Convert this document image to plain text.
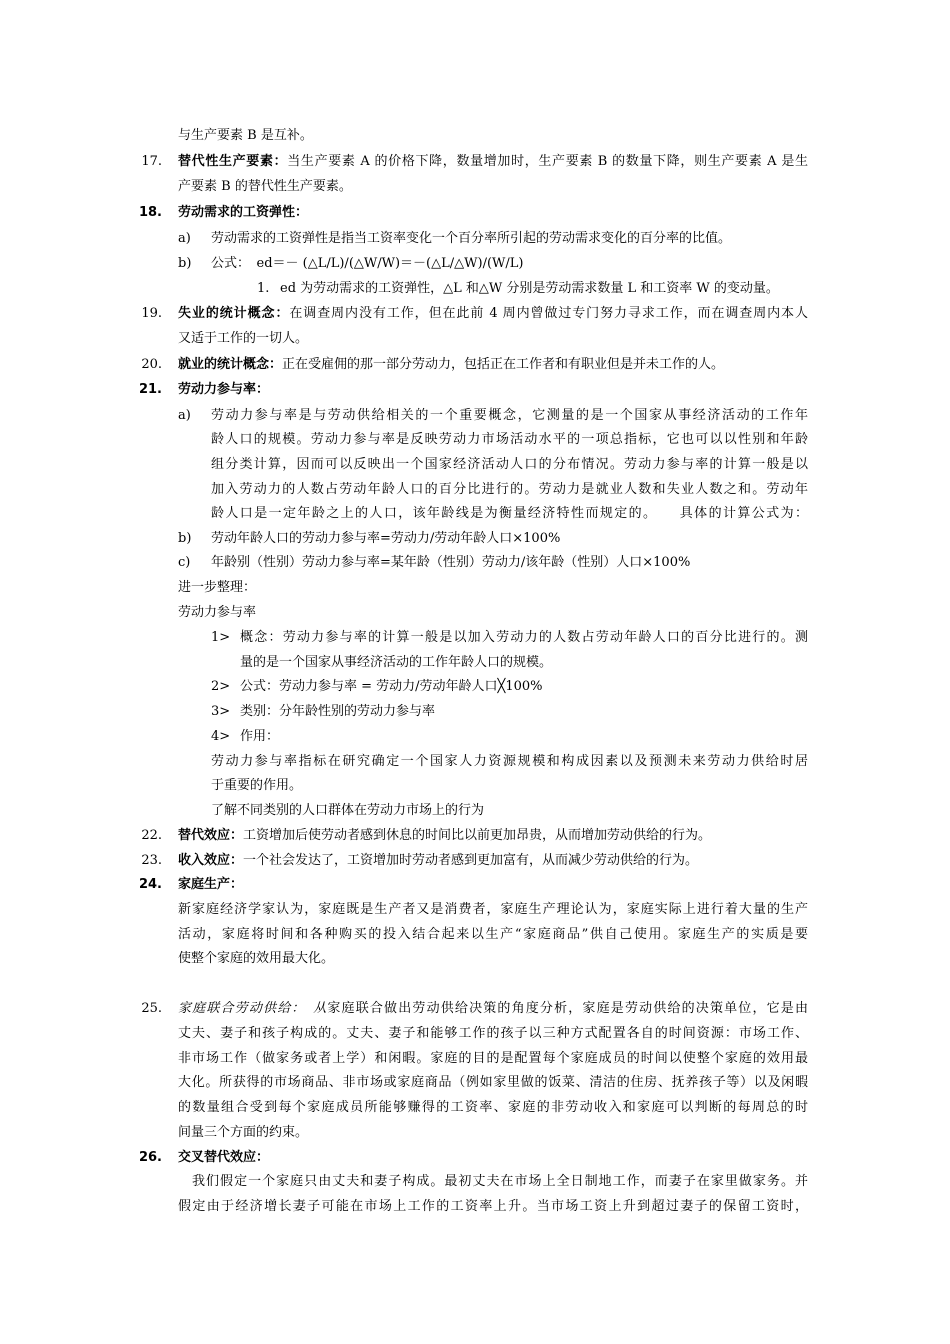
与生产要素 B 是互补。
17. 替代性生产要素：当生产要素 A 的价格下降，数量增加时，生产要素 B 的数量下降，则生产要素 A 是生
产要素 B 的替代性生产要素。
18. 劳动需求的工资弹性：
a) 劳动需求的工资弹性是指当工资率变化一个百分率所引起的劳动需求变化的百分率的比值。
b) 公式：　ed＝－ (△L/L)/(△W/W)＝－(△L/△W)/(W/L)
1. ed 为劳动需求的工资弹性，△L 和△W 分别是劳动需求数量 L 和工资率 W 的变动量。
19. 失业的统计概念：在调查周内没有工作，但在此前 4 周内曾做过专门努力寻求工作，而在调查周内本人
又适于工作的一切人。
20. 就业的统计概念：正在受雇佣的那一部分劳动力，包括正在工作者和有职业但是并未工作的人。
21. 劳动力参与率：
a) 劳动力参与率是与劳动供给相关的一个重要概念，它测量的是一个国家从事经济活动的工作年
龄人口的规模。劳动力参与率是反映劳动力市场活动水平的一项总指标，它也可以以性别和年龄
组分类计算，因而可以反映出一个国家经济活动人口的分布情况。劳动力参与率的计算一般是以
加入劳动力的人数占劳动年龄人口的百分比进行的。劳动力是就业人数和失业人数之和。劳动年
龄人口是一定年龄之上的人口，该年龄线是为衡量经济特性而规定的。　　具体的计算公式为：
b) 劳动年龄人口的劳动力参与率=劳动力/劳动年龄人口×100%
c) 年龄别（性别）劳动力参与率=某年龄（性别）劳动力/该年龄（性别）人口×100%
进一步整理：
劳动力参与率
1> 概念：劳动力参与率的计算一般是以加入劳动力的人数占劳动年龄人口的百分比进行的。测
量的是一个国家从事经济活动的工作年龄人口的规模。
2> 公式：劳动力参与率 = 劳动力/劳动年龄人口╳100%
3> 类别：分年龄性别的劳动力参与率
4> 作用：
劳动力参与率指标在研究确定一个国家人力资源规模和构成因素以及预测未来劳动力供给时居
于重要的作用。
了解不同类别的人口群体在劳动力市场上的行为
22. 替代效应：工资增加后使劳动者感到休息的时间比以前更加昂贵，从而增加劳动供给的行为。
23. 收入效应：一个社会发达了，工资增加时劳动者感到更加富有，从而减少劳动供给的行为。
24. 家庭生产：
新家庭经济学家认为，家庭既是生产者又是消费者，家庭生产理论认为，家庭实际上进行着大量的生产
活动，家庭将时间和各种购买的投入结合起来以生产“家庭商品”供自己使用。家庭生产的实质是要
使整个家庭的效用最大化。
25. 家庭联合劳动供给：　从家庭联合做出劳动供给决策的角度分析，家庭是劳动供给的决策单位，它是由
丈夫、妻子和孩子构成的。丈夫、妻子和能够工作的孩子以三种方式配置各自的时间资源：市场工作、
非市场工作（做家务或者上学）和闲暇。家庭的目的是配置每个家庭成员的时间以使整个家庭的效用最
大化。所获得的市场商品、非市场或家庭商品（例如家里做的饭菜、清洁的住房、抚养孩子等）以及闲暇
的数量组合受到每个家庭成员所能够赚得的工资率、家庭的非劳动收入和家庭可以判断的每周总的时
间量三个方面的约束。
26. 交叉替代效应：
我们假定一个家庭只由丈夫和妻子构成。最初丈夫在市场上全日制地工作，而妻子在家里做家务。并
假定由于经济增长妻子可能在市场上工作的工资率上升。当市场工资上升到超过妻子的保留工资时，
